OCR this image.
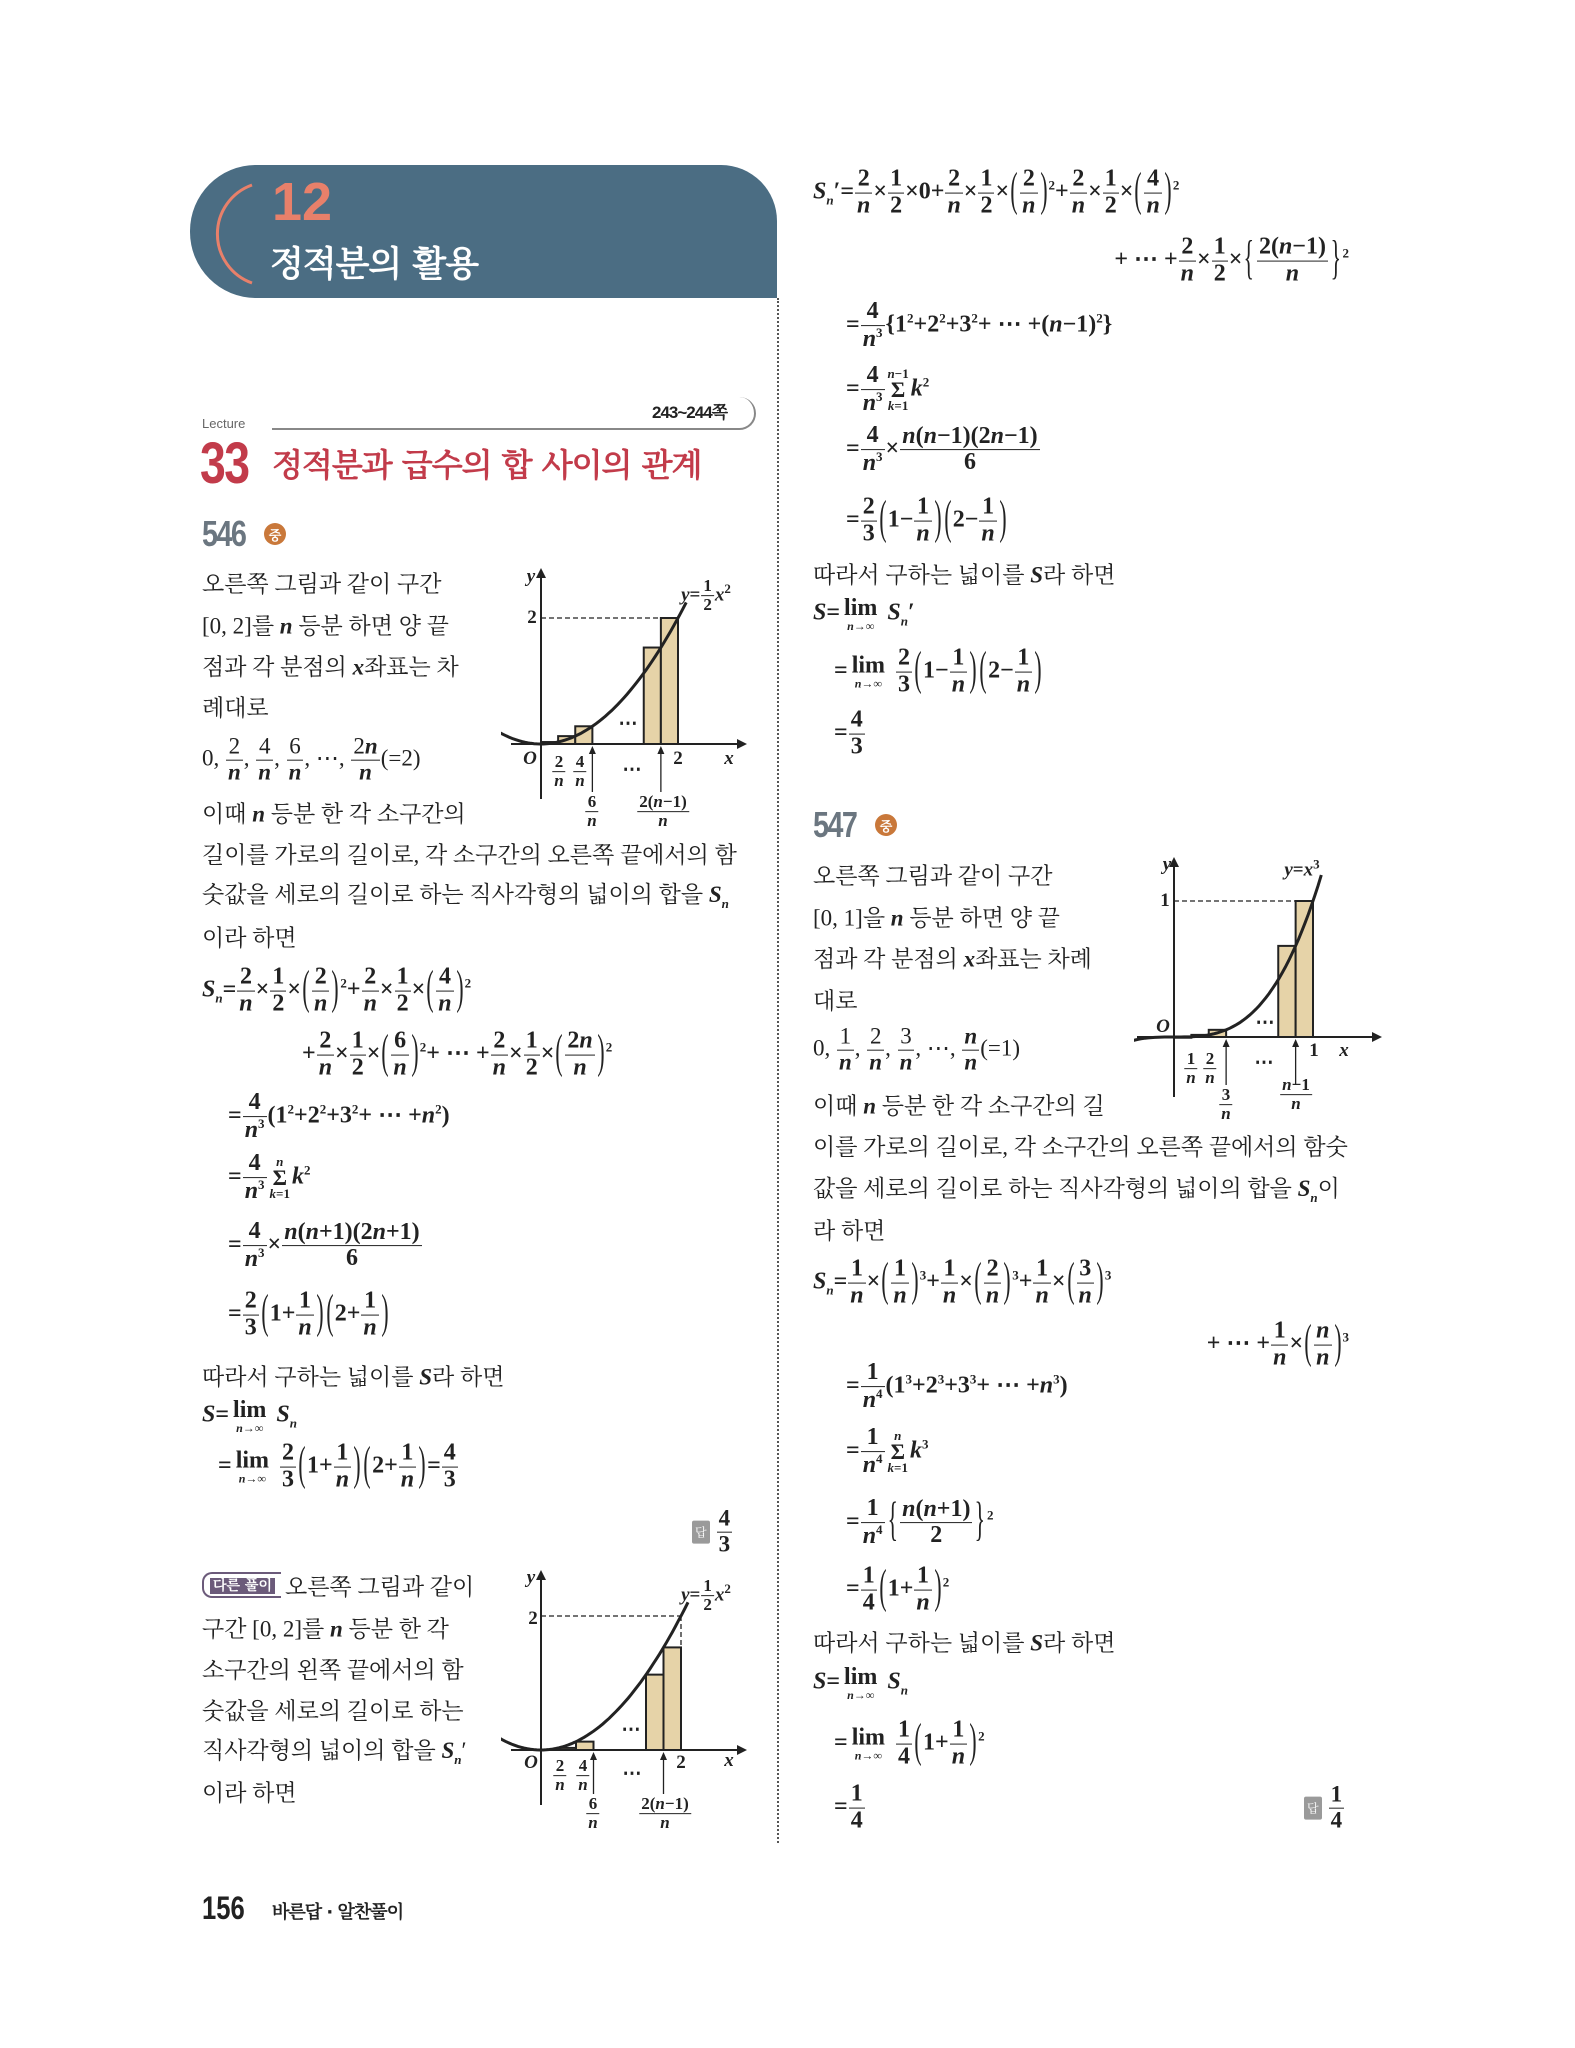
12
정적분의 활용
243~244쪽
Lecture
33 정적분과 급수의 합 사이의 관계
546	중
오른쪽 그림과 같이 구간
[0, 2]를 n 등분 하면 양 끝
점과 각 분점의 x좌표는 차
례대로
0, $\frac{2}{n}$ , $\frac{4}{n}$ , $\frac{6}{n}$ , ⋯, $\frac{2n}{n} (=2)$
이때 n 등분 한 각 소구간의
길이를 가로의 길이로, 각 소구간의 오른쪽 끝에서의 함
숫값을 세로의 길이로 하는 직사각형의 넓이의 합을 $S_n$
이라 하면
y
x
O
2
2
$y= \frac{1}{2} x^2$
$\frac{2}{n} \frac{4}{n}$
$\frac{6}{n} \frac{2(n-1)}{n}$
⋯
⋯
$S_n= \frac{2}{n} \times \frac{1}{2}$ ×( $\frac{2}{n} )^2+ \frac{2}{n} \times \frac{1}{2}$ ×( $\frac{4}{n} )^2$
+ $\frac{2}{n} \times \frac{1}{2}$ ×( $\frac{6}{n} )^2+$ ⋯ + $\frac{2}{n} \times \frac{1}{2}$ ×( $\frac{2n}{n} )^2$
= $\frac{4}{n^3} (1^2+2^2+3^2+$ ⋯ $+n^2$)
= $\frac{4}{n^3}$ n
Σ
k=1
$k^2$
= $\frac{4}{n^3} \times \frac{n(n+1)(2n+1)}{6}$
= $\frac{2}{3} (1+ \frac{1}{n}$ ) ($2+ \frac{1}{n}$ )
따라서 구하는 넓이를 S라 하면
S= lim
n→∞
$S_n$
= lim
n→∞
$\frac{2}{3} (1+ \frac{1}{n}$ ) ($2+ \frac{1}{n}$ )= $\frac{4}{3}$
답 $\frac{4}{3}$
다른 풀이 오른쪽 그림과 같이
구간 [0, 2]를 n 등분 한 각
소구간의 왼쪽 끝에서의 함
숫값을 세로의 길이로 하는
직사각형의 넓이의 합을 $S_n'$
이라 하면
y
x
O
2
2
$y= \frac{1}{2} x^2$
$\frac{2}{n} \frac{4}{n}$
$\frac{6}{n} \frac{2(n-1)}{n}$
⋯
⋯
$S_n'= \frac{2}{n} \times \frac{1}{2} \times 0+ \frac{2}{n} \times \frac{1}{2}$ ×( $\frac{2}{n} )^2+ \frac{2}{n} \times \frac{1}{2}$ ×( $\frac{4}{n} )^2$
+ ⋯ + $\frac{2}{n} \times \frac{1}{2}$ ×{ $\frac{2(n-1)}{n}$ } $^2$
= $\frac{4}{n^3} \{1^2+2^2+3^2+$ ⋯ $+(n-1)^2$}
= $\frac{4}{n^3} n-1$
Σ
k=1
$k^2$
= $\frac{4}{n^3} \times \frac{n(n-1)(2n-1)}{6}$
= $\frac{2}{3} (1- \frac{1}{n}$ ) ($2- \frac{1}{n}$ )
따라서 구하는 넓이를 S라 하면
S= lim
n→∞
$S_n'$
= lim
n→∞
$\frac{2}{3} (1- \frac{1}{n}$ ) ($2- \frac{1}{n}$ )
= $\frac{4}{3}$
547	중
오른쪽 그림과 같이 구간
[0, 1]을 n 등분 하면 양 끝
점과 각 분점의 x좌표는 차례
대로
0, $\frac{1}{n}$ , $\frac{2}{n}$ , $\frac{3}{n}$ , ⋯, $\frac{n}{n} (=1)$
이때 n 등분 한 각 소구간의 길
이를 가로의 길이로, 각 소구간의 오른쪽 끝에서의 함숫
값을 세로의 길이로 하는 직사각형의 넓이의 합을 $S_n$이
라 하면
y
x
O
1
1
$y=x^3$
$\frac{1}{n} \frac{2}{n}$
$\frac{3}{n}$	$\frac{n-1}{n}$
⋯
⋯
$S_n= \frac{1}{n}$ ×( $\frac{1}{n} )^3+ \frac{1}{n}$ ×( $\frac{2}{n} )^3+ \frac{1}{n}$ ×( $\frac{3}{n} )^3$
+ ⋯ + $\frac{1}{n}$ ×( $\frac{n}{n} )^3$
= $\frac{1}{n^4} (1^3+2^3+3^3+$ ⋯ $+n^3$)
= $\frac{1}{n^4}$ n
Σ
k=1
$k^3$
= $\frac{1}{n^4}$ { $\frac{n(n+1)}{2}$ } $^2$
= $\frac{1}{4} (1+ \frac{1}{n} )^2$
따라서 구하는 넓이를 S라 하면
S= lim
n→∞
$S_n$
= lim
n→∞
$\frac{1}{4} (1+ \frac{1}{n} )^2$
= $\frac{1}{4}$	답 $\frac{1}{4}$
156 바른답 · 알찬풀이
